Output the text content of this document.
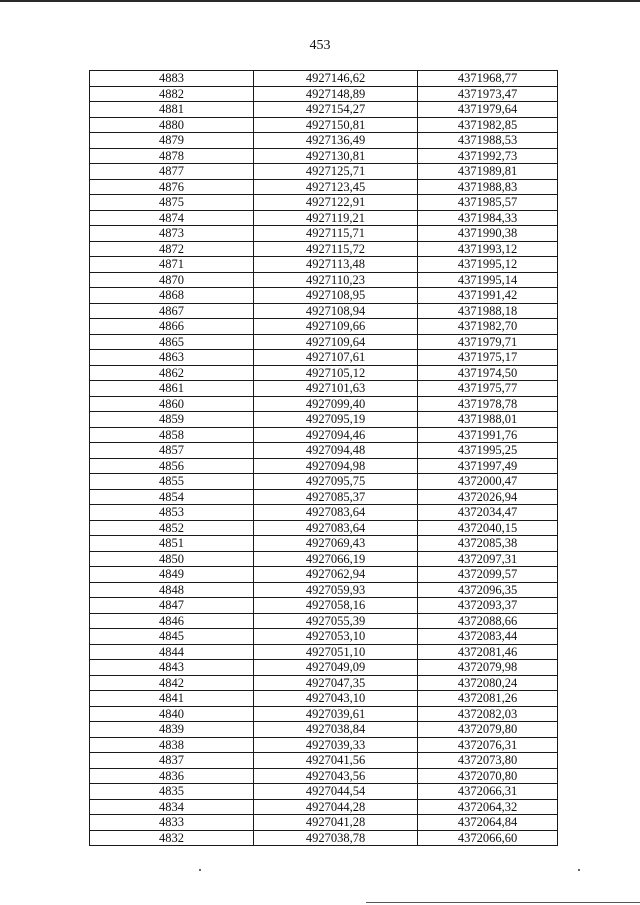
453
4883	4927146,62	4371968,77
4882	4927148,89	4371973,47
4881	4927154,27	4371979,64
4880	4927150,81	4371982,85
4879	4927136,49	4371988,53
4878	4927130,81	4371992,73
4877	4927125,71	4371989,81
4876	4927123,45	4371988,83
4875	4927122,91	4371985,57
4874	4927119,21	4371984,33
4873	4927115,71	4371990,38
4872	4927115,72	4371993,12
4871	4927113,48	4371995,12
4870	4927110,23	4371995,14
4868	4927108,95	4371991,42
4867	4927108,94	4371988,18
4866	4927109,66	4371982,70
4865	4927109,64	4371979,71
4863	4927107,61	4371975,17
4862	4927105,12	4371974,50
4861	4927101,63	4371975,77
4860	4927099,40	4371978,78
4859	4927095,19	4371988,01
4858	4927094,46	4371991,76
4857	4927094,48	4371995,25
4856	4927094,98	4371997,49
4855	4927095,75	4372000,47
4854	4927085,37	4372026,94
4853	4927083,64	4372034,47
4852	4927083,64	4372040,15
4851	4927069,43	4372085,38
4850	4927066,19	4372097,31
4849	4927062,94	4372099,57
4848	4927059,93	4372096,35
4847	4927058,16	4372093,37
4846	4927055,39	4372088,66
4845	4927053,10	4372083,44
4844	4927051,10	4372081,46
4843	4927049,09	4372079,98
4842	4927047,35	4372080,24
4841	4927043,10	4372081,26
4840	4927039,61	4372082,03
4839	4927038,84	4372079,80
4838	4927039,33	4372076,31
4837	4927041,56	4372073,80
4836	4927043,56	4372070,80
4835	4927044,54	4372066,31
4834	4927044,28	4372064,32
4833	4927041,28	4372064,84
4832	4927038,78	4372066,60
